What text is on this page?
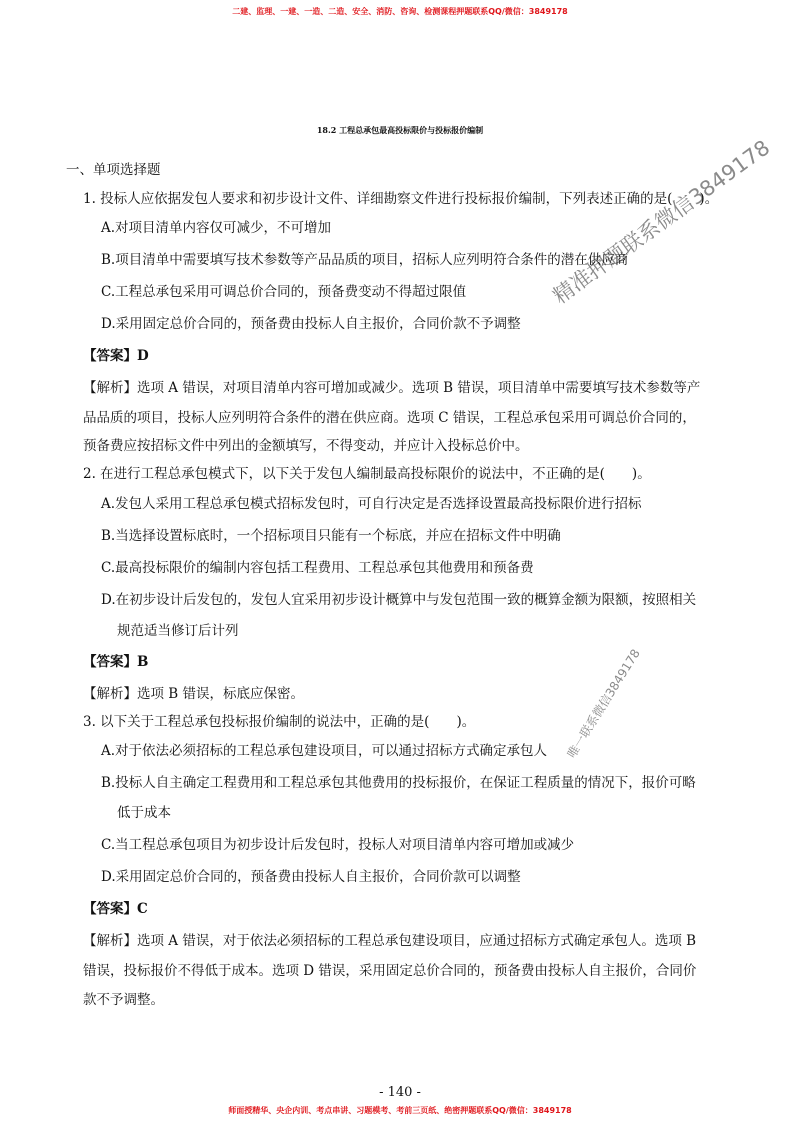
二建、监理、一建、一造、二造、安全、消防、咨询、检测课程押题联系QQ/微信：3849178
精准押题联系微信3849178
唯一联系微信3849178
18.2 工程总承包最高投标限价与投标报价编制
一、单项选择题
1. 投标人应依据发包人要求和初步设计文件、详细勘察文件进行投标报价编制，下列表述正确的是(　　)。
A.对项目清单内容仅可减少，不可增加
B.项目清单中需要填写技术参数等产品品质的项目，招标人应列明符合条件的潜在供应商
C.工程总承包采用可调总价合同的，预备费变动不得超过限值
D.采用固定总价合同的，预备费由投标人自主报价，合同价款不予调整
【答案】D
【解析】选项 A 错误，对项目清单内容可增加或减少。选项 B 错误，项目清单中需要填写技术参数等产
品品质的项目，投标人应列明符合条件的潜在供应商。选项 C 错误，工程总承包采用可调总价合同的，
预备费应按招标文件中列出的金额填写，不得变动，并应计入投标总价中。
2. 在进行工程总承包模式下，以下关于发包人编制最高投标限价的说法中，不正确的是(　　)。
A.发包人采用工程总承包模式招标发包时，可自行决定是否选择设置最高投标限价进行招标
B.当选择设置标底时，一个招标项目只能有一个标底，并应在招标文件中明确
C.最高投标限价的编制内容包括工程费用、工程总承包其他费用和预备费
D.在初步设计后发包的，发包人宜采用初步设计概算中与发包范围一致的概算金额为限额，按照相关
规范适当修订后计列
【答案】B
【解析】选项 B 错误，标底应保密。
3. 以下关于工程总承包投标报价编制的说法中，正确的是(　　)。
A.对于依法必须招标的工程总承包建设项目，可以通过招标方式确定承包人
B.投标人自主确定工程费用和工程总承包其他费用的投标报价，在保证工程质量的情况下，报价可略
低于成本
C.当工程总承包项目为初步设计后发包时，投标人对项目清单内容可增加或减少
D.采用固定总价合同的，预备费由投标人自主报价，合同价款可以调整
【答案】C
【解析】选项 A 错误，对于依法必须招标的工程总承包建设项目，应通过招标方式确定承包人。选项 B
错误，投标报价不得低于成本。选项 D 错误，采用固定总价合同的，预备费由投标人自主报价，合同价
款不予调整。
- 140 -
师面授精华、央企内训、考点串讲、习题模考、考前三页纸、绝密押题联系QQ/微信：3849178
